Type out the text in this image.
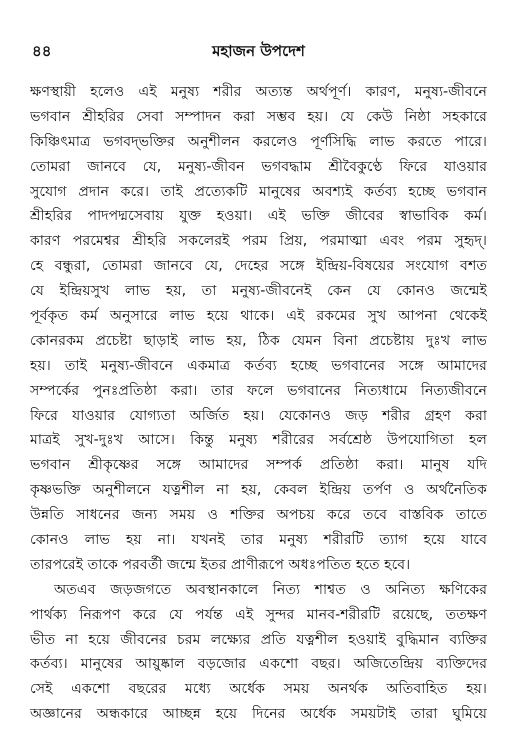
৪৪	মহাজন উপদেশ
ক্ষণস্থায়ী হলেও এই মনুষ্য শরীর অত্যন্ত অর্থপূর্ণ। কারণ, মনুষ্য-জীবনে
ভগবান শ্রীহরির সেবা সম্পাদন করা সম্ভব হয়। যে কেউ নিষ্ঠা সহকারে
কিঞ্চিৎমাত্র ভগবদ্‌ভক্তির অনুশীলন করলেও পূর্ণসিদ্ধি লাভ করতে পারে।
তোমরা জানবে যে, মনুষ্য-জীবন ভগবদ্ধাম শ্রীবৈকুণ্ঠে ফিরে যাওয়ার
সুযোগ প্রদান করে। তাই প্রত্যেকটি মানুষের অবশ্যই কর্তব্য হচ্ছে ভগবান
শ্রীহরির পাদপদ্মসেবায় যুক্ত হওয়া। এই ভক্তি জীবের স্বাভাবিক কর্ম।
কারণ পরমেশ্বর শ্রীহরি সকলেরই পরম প্রিয়, পরমাত্মা এবং পরম সুহৃদ্‌।
হে বন্ধুরা, তোমরা জানবে যে, দেহের সঙ্গে ইন্দ্রিয়-বিষয়ের সংযোগ বশত
যে ইন্দ্রিয়সুখ লাভ হয়, তা মনুষ্য-জীবনেই কেন যে কোনও জন্মেই
পূর্বকৃত কর্ম অনুসারে লাভ হয়ে থাকে। এই রকমের সুখ আপনা থেকেই
কোনরকম প্রচেষ্টা ছাড়াই লাভ হয়, ঠিক যেমন বিনা প্রচেষ্টায় দুঃখ লাভ
হয়। তাই মনুষ্য-জীবনে একমাত্র কর্তব্য হচ্ছে ভগবানের সঙ্গে আমাদের
সম্পর্কের পুনঃপ্রতিষ্ঠা করা। তার ফলে ভগবানের নিত্যধামে নিত্যজীবনে
ফিরে যাওয়ার যোগ্যতা অর্জিত হয়। যেকোনও জড় শরীর গ্রহণ করা
মাত্রই সুখ-দুঃখ আসে। কিন্তু মনুষ্য শরীরের সর্বশ্রেষ্ঠ উপযোগিতা হল
ভগবান শ্রীকৃষ্ণের সঙ্গে আমাদের সম্পর্ক প্রতিষ্ঠা করা। মানুষ যদি
কৃষ্ণভক্তি অনুশীলনে যত্নশীল না হয়, কেবল ইন্দ্রিয় তর্পণ ও অর্থনৈতিক
উন্নতি সাধনের জন্য সময় ও শক্তির অপচয় করে তবে বাস্তবিক তাতে
কোনও লাভ হয় না। যখনই তার মনুষ্য শরীরটি ত্যাগ হয়ে যাবে
তারপরেই তাকে পরবর্তী জন্মে ইতর প্রাণীরূপে অধঃপতিত হতে হবে।
অতএব জড়জগতে অবস্থানকালে নিত্য শাশ্বত ও অনিত্য ক্ষণিকের
পার্থক্য নিরূপণ করে যে পর্যন্ত এই সুন্দর মানব-শরীরটি রয়েছে, ততক্ষণ
ভীত না হয়ে জীবনের চরম লক্ষ্যের প্রতি যত্নশীল হওয়াই বুদ্ধিমান ব্যক্তির
কর্তব্য। মানুষের আয়ুষ্কাল বড়জোর একশো বছর। অজিতেন্দ্রিয় ব্যক্তিদের
সেই একশো বছরের মধ্যে অর্ধেক সময় অনর্থক অতিবাহিত হয়।
অজ্ঞানের অন্ধকারে আচ্ছন্ন হয়ে দিনের অর্ধেক সময়টাই তারা ঘুমিয়ে
